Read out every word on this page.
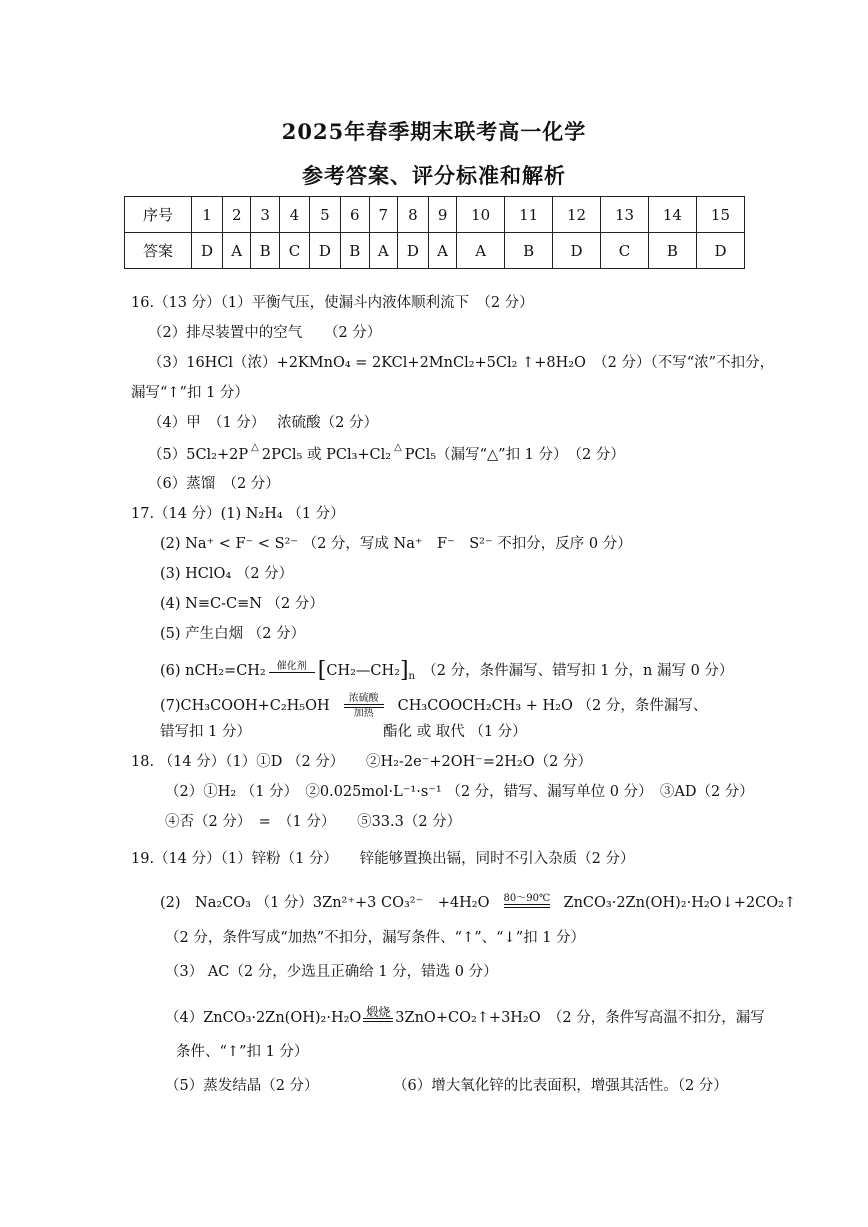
2025年春季期末联考高一化学
参考答案、评分标准和解析
序号	1	2	3	4	5	6	7	8	9	10	11	12	13	14	15
答案	D	A	B	C	D	B	A	D	A	A	B	D	C	B	D
16.（13 分）（1）平衡气压，使漏斗内液体顺利流下　（2 分）
（2）排尽装置中的空气　　（2 分）
（3）16HCl（浓）+2KMnO₄ = 2KCl+2MnCl₂+5Cl₂ ↑+8H₂O　（2 分）（不写“浓”不扣分，
漏写“↑”扣 1 分）
（4）甲　（1 分）　 浓硫酸（2 分）
（5）5Cl₂+2P △ 2PCl₅ 或 PCl₃+Cl₂ △ PCl₅（漏写“△”扣 1 分）　（2 分）
（6）蒸馏　（2 分）
17.（14 分）(1) N₂H₄ （1 分）
(2) Na⁺ < F⁻ < S²⁻ （2 分，写成 Na⁺　F⁻　S²⁻ 不扣分，反序 0 分）
(3) HClO₄ （2 分）
(4) N≡C-C≡N （2 分）
(5) 产生白烟 （2 分）
(6) nCH₂=CH₂	催化剂 $[CH_2—CH_2]_n$　 （2 分，条件漏写、错写扣 1 分，n 漏写 0 分）
(7)CH₃COOH+C₂H₅OH	浓硫酸
加热	CH₃COOCH₂CH₃ + H₂O （2 分，条件漏写、
错写扣 1 分）	酯化 或 取代 （1 分）
18. （14 分）（1）①D （2 分）　　②H₂-2e⁻+2OH⁻=2H₂O（2 分）
（2）①H₂ （1 分）　②0.025mol·L⁻¹·s⁻¹ （2 分，错写、漏写单位 0 分）　③AD（2 分）
④否（2 分）　=　（1 分）　　⑤33.3（2 分）
19.（14 分）（1）锌粉（1 分）　　锌能够置换出镉，同时不引入杂质（2 分）
(2)　Na₂CO₃ （1 分）3Zn²⁺+3 CO₃²⁻　+4H₂O 80～90℃ ZnCO₃·2Zn(OH)₂·H₂O↓+2CO₂↑
（2 分，条件写成“加热”不扣分，漏写条件、“↑”、“↓”扣 1 分）
（3） AC（2 分，少选且正确给 1 分，错选 0 分）
（4）ZnCO₃·2Zn(OH)₂·H₂O 煅烧 3ZnO+CO₂↑+3H₂O　（2 分，条件写高温不扣分，漏写
条件、“↑”扣 1 分）
（5）蒸发结晶（2 分）	（6）增大氧化锌的比表面积，增强其活性。（2 分）
